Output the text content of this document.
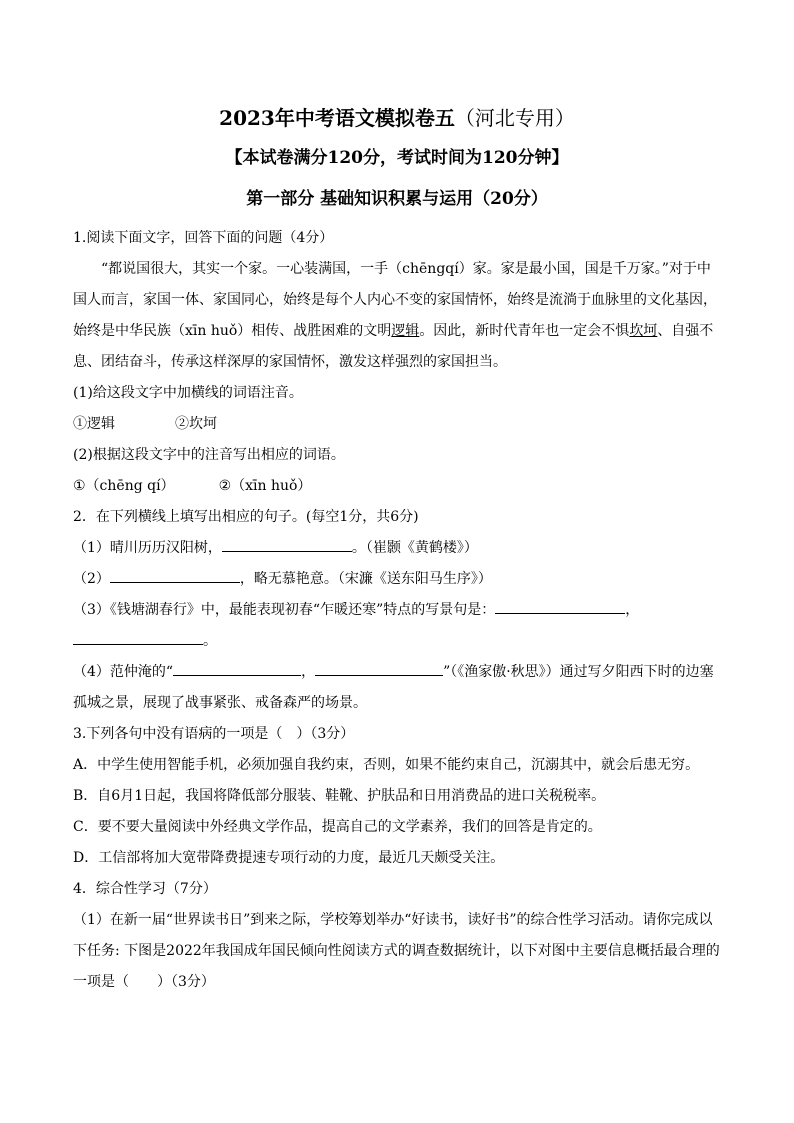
2023年中考语文模拟卷五（河北专用）
【本试卷满分120分，考试时间为120分钟】
第一部分 基础知识积累与运用（20分）

1.阅读下面文字，回答下面的问题（4分）

“都说国很大，其实一个家。一心装满国，一手（chēngqí）家。家是最小国，国是千万家。”对于中国人而言，家国一体、家国同心，始终是每个人内心不变的家国情怀，始终是流淌于血脉里的文化基因，始终是中华民族（xīn huǒ）相传、战胜困难的文明逻辑。因此，新时代青年也一定会不惧坎坷、自强不息、团结奋斗，传承这样深厚的家国情怀，激发这样强烈的家国担当。

(1)给这段文字中加横线的词语注音。

①逻辑	②坎坷

(2)根据这段文字中的注音写出相应的词语。

①（chēng qí）	②（xīn huǒ）

2．在下列横线上填写出相应的句子。(每空1分，共6分)

（1）晴川历历汉阳树，	。（崔颢《黄鹤楼》）

（2）	，略无慕艳意。（宋濂《送东阳马生序》）

（3）《钱塘湖春行》中，最能表现初春“乍暖还寒”特点的写景句是：	，
。

（4）范仲淹的“	，	”（《渔家傲·秋思》）通过写夕阳西下时的边塞孤城之景，展现了战事紧张、戒备森严的场景。

3.下列各句中没有语病的一项是（　）（3分）

A．中学生使用智能手机，必须加强自我约束，否则，如果不能约束自己，沉溺其中，就会后患无穷。

B．自6月1日起，我国将降低部分服装、鞋靴、护肤品和日用消费品的进口关税税率。

C．要不要大量阅读中外经典文学作品，提高自己的文学素养，我们的回答是肯定的。

D．工信部将加大宽带降费提速专项行动的力度，最近几天颇受关注。

4．综合性学习（7分）

（1）在新一届“世界读书日”到来之际，学校筹划举办“好读书，读好书”的综合性学习活动。请你完成以下任务: 下图是2022年我国成年国民倾向性阅读方式的调查数据统计，以下对图中主要信息概括最合理的一项是（　　）（3分）
